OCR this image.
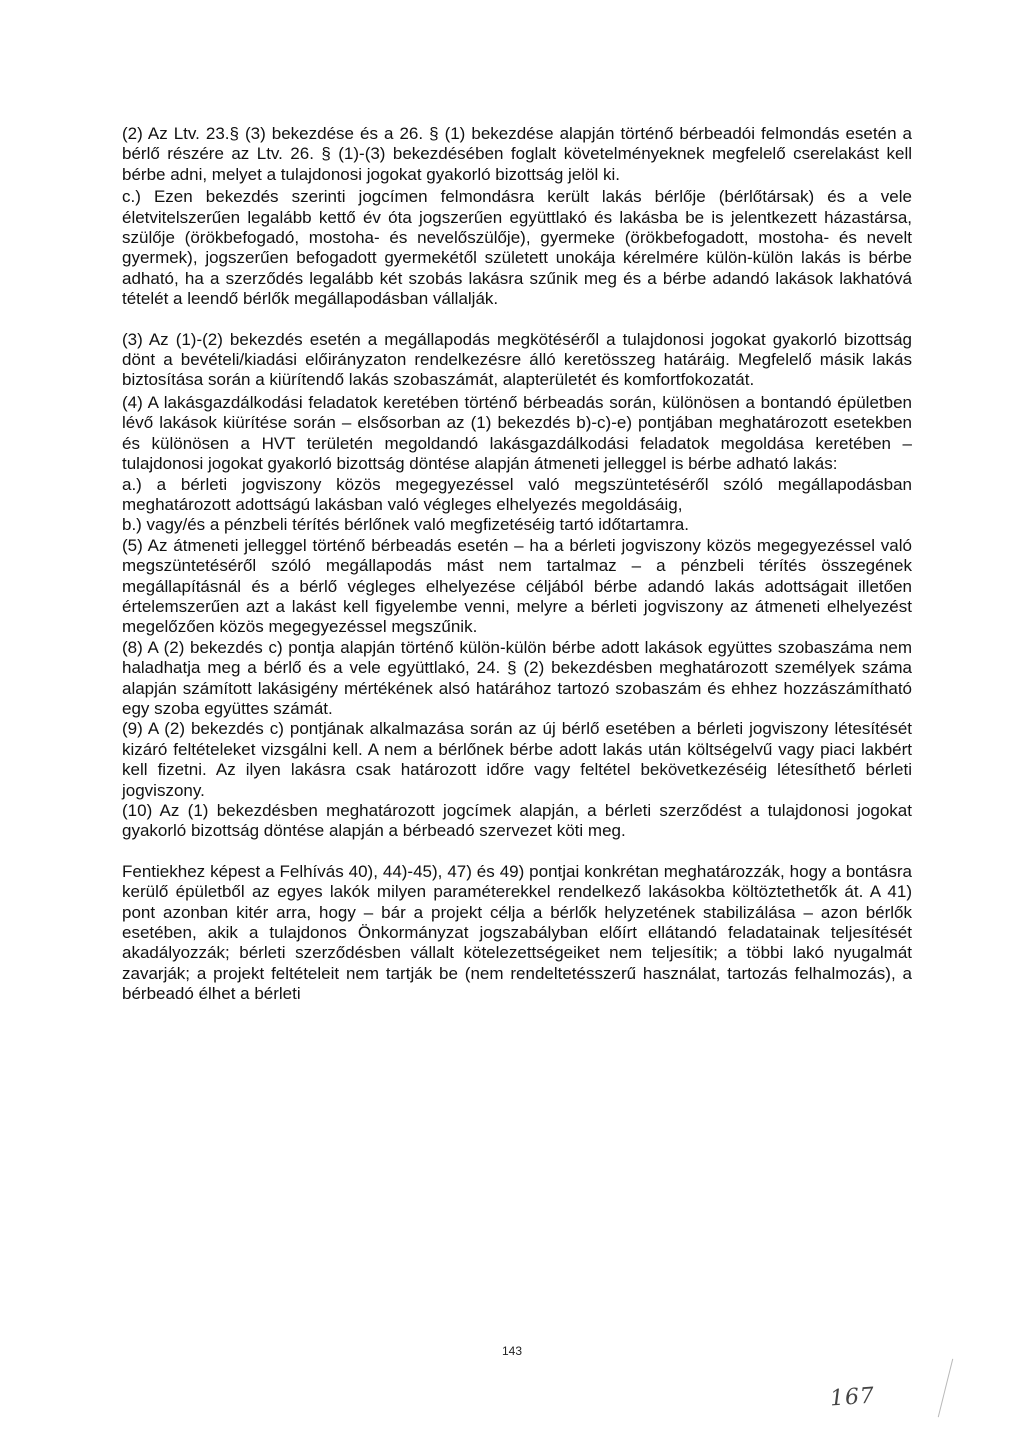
(2) Az Ltv. 23.§ (3) bekezdése és a 26. § (1) bekezdése alapján történő bérbeadói felmondás esetén a bérlő részére az Ltv. 26. § (1)-(3) bekezdésében foglalt követelményeknek megfelelő cserelakást kell bérbe adni, melyet a tulajdonosi jogokat gyakorló bizottság jelöl ki.

c.) Ezen bekezdés szerinti jogcímen felmondásra került lakás bérlője (bérlőtársak) és a vele életvitelszerűen legalább kettő év óta jogszerűen együttlakó és lakásba be is jelentkezett házastársa, szülője (örökbefogadó, mostoha- és nevelőszülője), gyermeke (örökbefogadott, mostoha- és nevelt gyermek), jogszerűen befogadott gyermekétől született unokája kérelmére külön-külön lakás is bérbe adható, ha a szerződés legalább két szobás lakásra szűnik meg és a bérbe adandó lakások lakhatóvá tételét a leendő bérlők megállapodásban vállalják.

(3) Az (1)-(2) bekezdés esetén a megállapodás megkötéséről a tulajdonosi jogokat gyakorló bizottság dönt a bevételi/kiadási előirányzaton rendelkezésre álló keretösszeg határáig. Megfelelő másik lakás biztosítása során a kiürítendő lakás szobaszámát, alapterületét és komfortfokozatát.

(4) A lakásgazdálkodási feladatok keretében történő bérbeadás során, különösen a bontandó épületben lévő lakások kiürítése során – elsősorban az (1) bekezdés b)-c)-e) pontjában meghatározott esetekben és különösen a HVT területén megoldandó lakásgazdálkodási feladatok megoldása keretében – tulajdonosi jogokat gyakorló bizottság döntése alapján átmeneti jelleggel is bérbe adható lakás:

a.) a bérleti jogviszony közös megegyezéssel való megszüntetéséről szóló megállapodásban meghatározott adottságú lakásban való végleges elhelyezés megoldásáig,

b.) vagy/és a pénzbeli térítés bérlőnek való megfizetéséig tartó időtartamra.

(5) Az átmeneti jelleggel történő bérbeadás esetén – ha a bérleti jogviszony közös megegyezéssel való megszüntetéséről szóló megállapodás mást nem tartalmaz – a pénzbeli térítés összegének megállapításnál és a bérlő végleges elhelyezése céljából bérbe adandó lakás adottságait illetően értelemszerűen azt a lakást kell figyelembe venni, melyre a bérleti jogviszony az átmeneti elhelyezést megelőzően közös megegyezéssel megszűnik.

(8) A (2) bekezdés c) pontja alapján történő külön-külön bérbe adott lakások együttes szobaszáma nem haladhatja meg a bérlő és a vele együttlakó, 24. § (2) bekezdésben meghatározott személyek száma alapján számított lakásigény mértékének alsó határához tartozó szobaszám és ehhez hozzászámítható egy szoba együttes számát.

(9) A (2) bekezdés c) pontjának alkalmazása során az új bérlő esetében a bérleti jogviszony létesítését kizáró feltételeket vizsgálni kell. A nem a bérlőnek bérbe adott lakás után költségelvű vagy piaci lakbért kell fizetni. Az ilyen lakásra csak határozott időre vagy feltétel bekövetkezéséig létesíthető bérleti jogviszony.

(10) Az (1) bekezdésben meghatározott jogcímek alapján, a bérleti szerződést a tulajdonosi jogokat gyakorló bizottság döntése alapján a bérbeadó szervezet köti meg.

Fentiekhez képest a Felhívás 40), 44)-45), 47) és 49) pontjai konkrétan meghatározzák, hogy a bontásra kerülő épületből az egyes lakók milyen paraméterekkel rendelkező lakásokba költöztethetők át. A 41) pont azonban kitér arra, hogy – bár a projekt célja a bérlők helyzetének stabilizálása – azon bérlők esetében, akik a tulajdonos Önkormányzat jogszabályban előírt ellátandó feladatainak teljesítését akadályozzák; bérleti szerződésben vállalt kötelezettségeiket nem teljesítik; a többi lakó nyugalmát zavarják; a projekt feltételeit nem tartják be (nem rendeltetésszerű használat, tartozás felhalmozás), a bérbeadó élhet a bérleti

143
167
